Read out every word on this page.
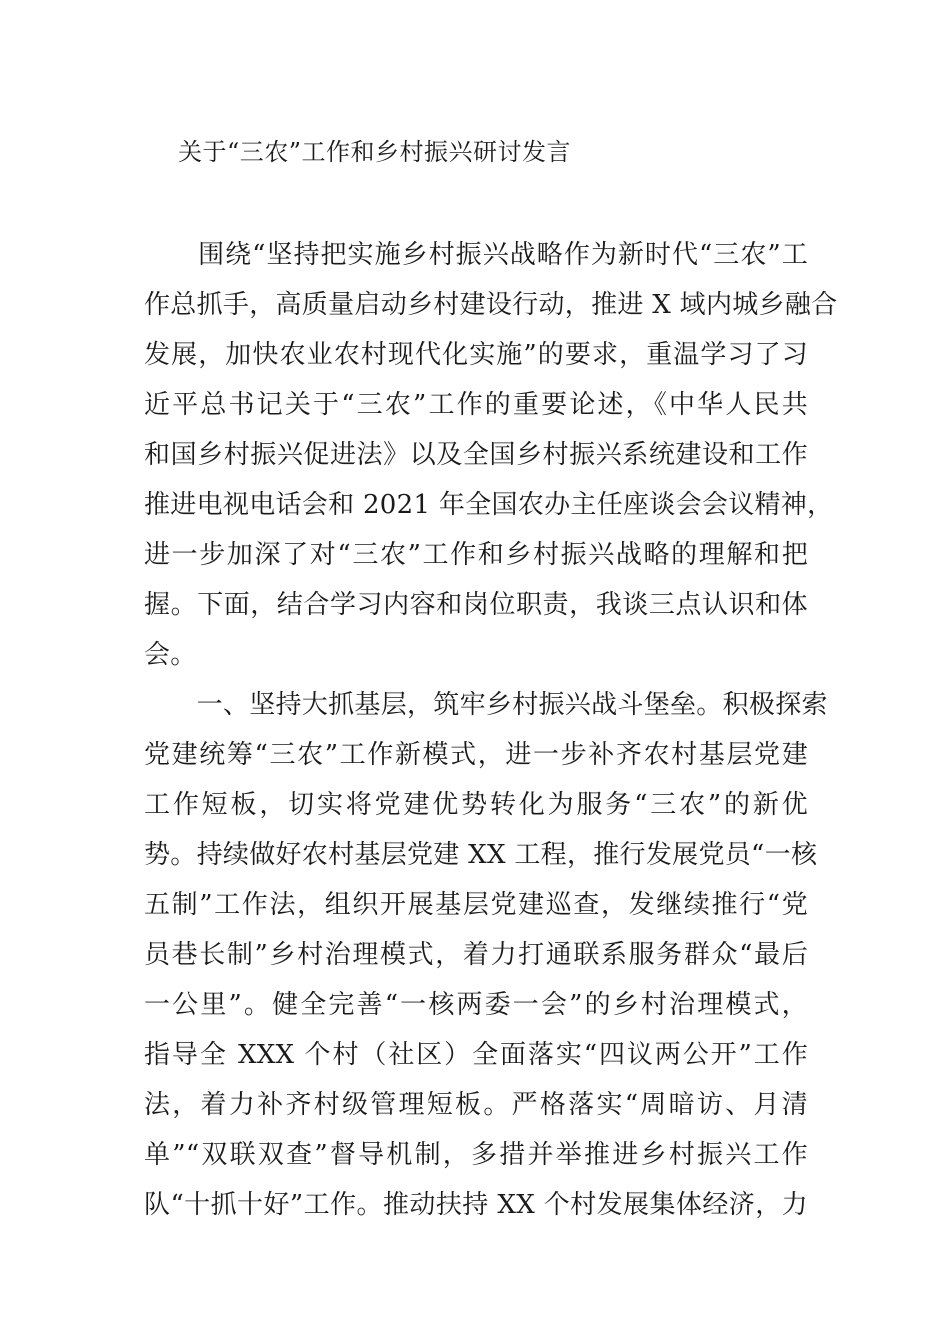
关于“三农”工作和乡村振兴研讨发言
　　围绕“坚持把实施乡村振兴战略作为新时代“三农”工
作总抓手，高质量启动乡村建设行动，推进 X 域内城乡融合
发展，加快农业农村现代化实施”的要求，重温学习了习
近平总书记关于“三农”工作的重要论述，《中华人民共
和国乡村振兴促进法》以及全国乡村振兴系统建设和工作
推进电视电话会和 2021 年全国农办主任座谈会会议精神，
进一步加深了对“三农”工作和乡村振兴战略的理解和把
握。下面，结合学习内容和岗位职责，我谈三点认识和体
会。
　　一、坚持大抓基层，筑牢乡村振兴战斗堡垒。积极探索
党建统筹“三农”工作新模式，进一步补齐农村基层党建
工作短板，切实将党建优势转化为服务“三农”的新优
势。持续做好农村基层党建 XX 工程，推行发展党员“一核
五制”工作法，组织开展基层党建巡查，发继续推行“党
员巷长制”乡村治理模式，着力打通联系服务群众“最后
一公里”。健全完善“一核两委一会”的乡村治理模式，
指导全 XXX 个村（社区）全面落实“四议两公开”工作
法，着力补齐村级管理短板。严格落实“周暗访、月清
单”“双联双查”督导机制，多措并举推进乡村振兴工作
队“十抓十好”工作。推动扶持 XX 个村发展集体经济，力
